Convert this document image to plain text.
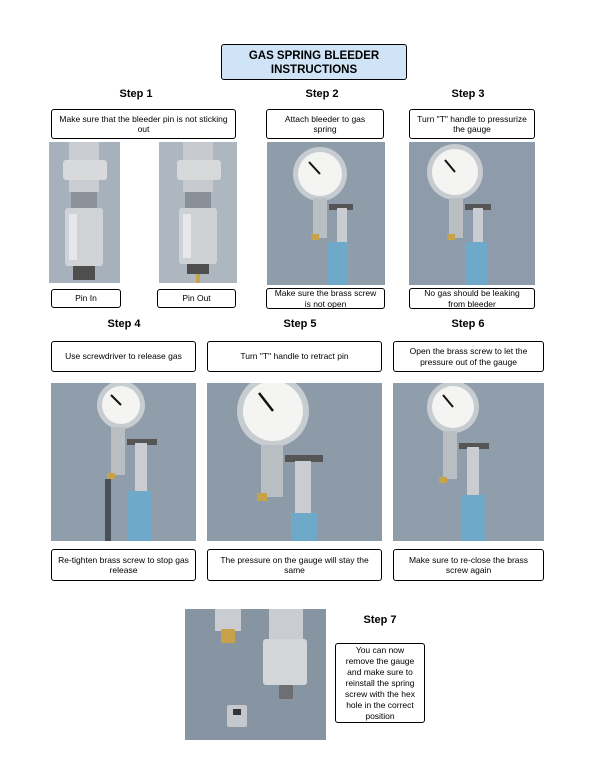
GAS SPRING BLEEDER INSTRUCTIONS
Step 1	Step 2	Step 3
Step 4	Step 5	Step 6
Step 7
Make sure that the bleeder pin is not sticking out
Attach bleeder to gas spring
Turn "T" handle to pressurize the gauge
Pin In	Pin Out
Make sure the brass screw is not open
No gas should be leaking from bleeder
Use screwdriver to release gas	Turn "T" handle to retract pin
Open the brass screw to let the pressure out of the gauge
Re-tighten brass screw to stop gas release
The pressure on the gauge will stay the same
Make sure to re-close the brass screw again
You can now remove the gauge and make sure to reinstall the spring screw with the hex hole in the correct position
